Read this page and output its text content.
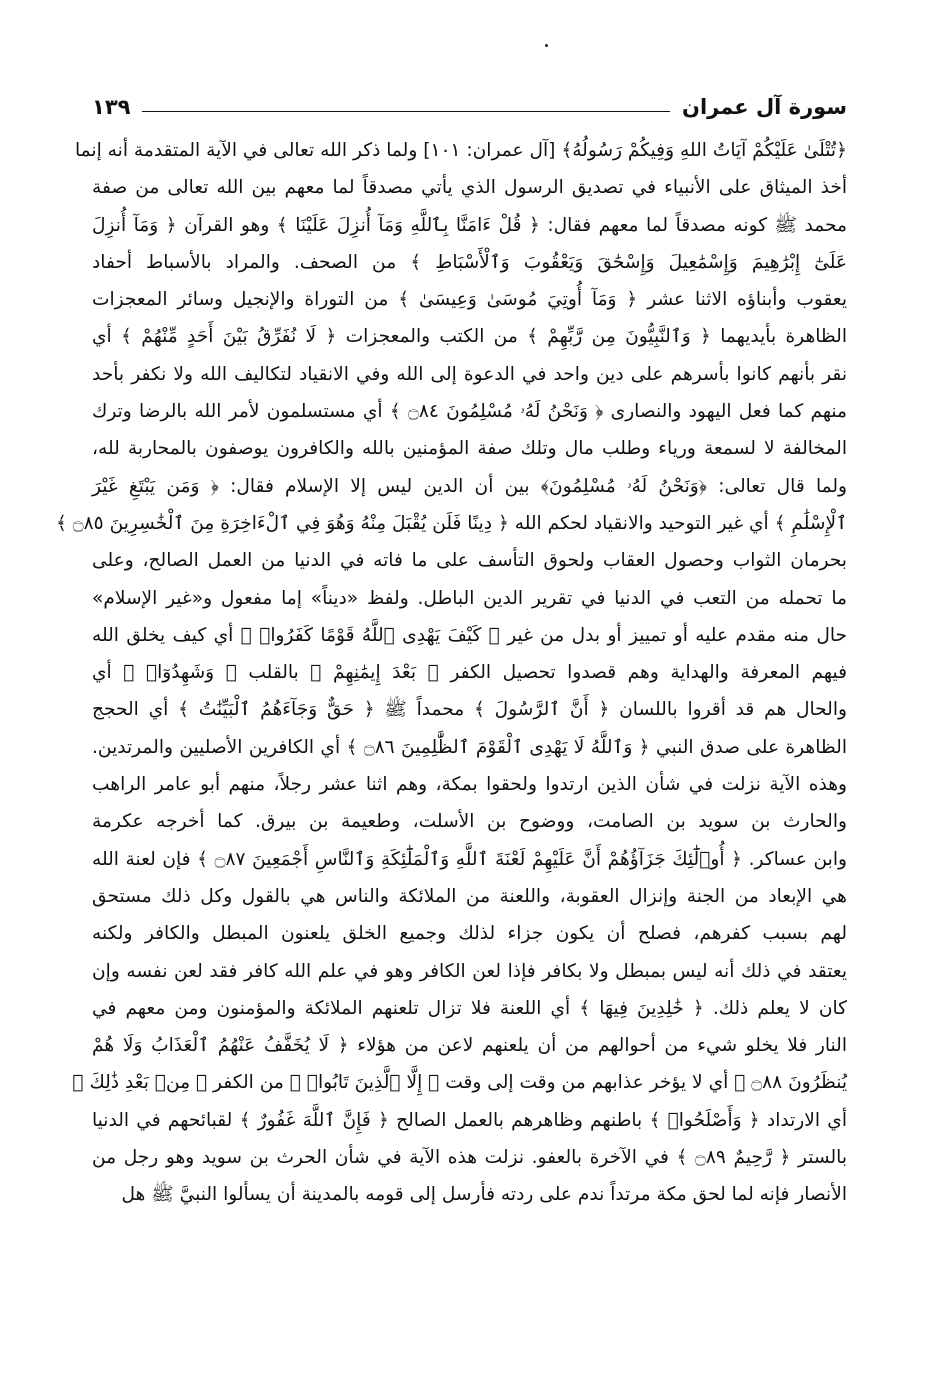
١٣٩	سورة آل عمران
﴿تُتْلَىٰ عَلَيْكُمْ آيَاتُ اللهِ وَفِيكُمْ رَسُولُهُ﴾ [آل عمران: ١٠١] ولما ذكر الله تعالى في الآية المتقدمة أنه إنما
أخذ الميثاق على الأنبياء في تصديق الرسول الذي يأتي مصدقاً لما معهم بين الله تعالى من صفة
محمد ﷺ كونه مصدقاً لما معهم فقال: ﴿ قُلْ ءَامَنَّا بِٱللَّهِ وَمَآ أُنزِلَ عَلَيْنَا ﴾ وهو القرآن ﴿ وَمَآ أُنزِلَ
عَلَىٰٓ إِبْرَٰهِيمَ وَإِسْمَٰعِيلَ وَإِسْحَٰقَ وَيَعْقُوبَ وَٱلْأَسْبَاطِ ﴾ من الصحف. والمراد بالأسباط أحفاد
يعقوب وأبناؤه الاثنا عشر ﴿ وَمَآ أُوتِيَ مُوسَىٰ وَعِيسَىٰ ﴾ من التوراة والإنجيل وسائر المعجزات
الظاهرة بأيديهما ﴿ وَٱلنَّبِيُّونَ مِن رَّبِّهِمْ ﴾ من الكتب والمعجزات ﴿ لَا نُفَرِّقُ بَيْنَ أَحَدٍ مِّنْهُمْ ﴾ أي
نقر بأنهم كانوا بأسرهم على دين واحد في الدعوة إلى الله وفي الانقياد لتكاليف الله ولا نكفر بأحد
منهم كما فعل اليهود والنصارى ﴿ وَنَحْنُ لَهُۥ مُسْلِمُونَ ۝٨٤ ﴾ أي مستسلمون لأمر الله بالرضا وترك
المخالفة لا لسمعة ورياء وطلب مال وتلك صفة المؤمنين بالله والكافرون يوصفون بالمحاربة لله،
ولما قال تعالى: ﴿وَنَحْنُ لَهُۥ مُسْلِمُونَ﴾ بين أن الدين ليس إلا الإسلام فقال: ﴿ وَمَن يَبْتَغِ غَيْرَ
ٱلْإِسْلَٰمِ ﴾ أي غير التوحيد والانقياد لحكم الله ﴿ دِينًا فَلَن يُقْبَلَ مِنْهُ وَهُوَ فِي ٱلْءَاخِرَةِ مِنَ ٱلْخَٰسِرِينَ ۝٨٥ ﴾
بحرمان الثواب وحصول العقاب ولحوق التأسف على ما فاته في الدنيا من العمل الصالح، وعلى
ما تحمله من التعب في الدنيا في تقرير الدين الباطل. ولفظ «ديناً» إما مفعول و«غير الإسلام»
حال منه مقدم عليه أو تمييز أو بدل من غير ﴿ كَيْفَ يَهْدِى ٱللَّهُ قَوْمًا كَفَرُوا۟ ﴾ أي كيف يخلق الله
فيهم المعرفة والهداية وهم قصدوا تحصيل الكفر ﴿ بَعْدَ إِيمَٰنِهِمْ ﴾ بالقلب ﴿ وَشَهِدُوٓا۟ ﴾ أي
والحال هم قد أقروا باللسان ﴿ أَنَّ ٱلرَّسُولَ ﴾ محمداً ﷺ ﴿ حَقٌّ وَجَآءَهُمُ ٱلْبَيِّنَٰتُ ﴾ أي الحجج
الظاهرة على صدق النبي ﴿ وَٱللَّهُ لَا يَهْدِى ٱلْقَوْمَ ٱلظَّٰلِمِينَ ۝٨٦ ﴾ أي الكافرين الأصليين والمرتدين.
وهذه الآية نزلت في شأن الذين ارتدوا ولحقوا بمكة، وهم اثنا عشر رجلاً، منهم أبو عامر الراهب
والحارث بن سويد بن الصامت، ووضوح بن الأسلت، وطعيمة بن بيرق. كما أخرجه عكرمة
وابن عساكر. ﴿ أُو۟لَٰٓئِكَ جَزَآؤُهُمْ أَنَّ عَلَيْهِمْ لَعْنَةَ ٱللَّهِ وَٱلْمَلَٰٓئِكَةِ وَٱلنَّاسِ أَجْمَعِينَ ۝٨٧ ﴾ فإن لعنة الله
هي الإبعاد من الجنة وإنزال العقوبة، واللعنة من الملائكة والناس هي بالقول وكل ذلك مستحق
لهم بسبب كفرهم، فصلح أن يكون جزاء لذلك وجميع الخلق يلعنون المبطل والكافر ولكنه
يعتقد في ذلك أنه ليس بمبطل ولا بكافر فإذا لعن الكافر وهو في علم الله كافر فقد لعن نفسه وإن
كان لا يعلم ذلك. ﴿ خَٰلِدِينَ فِيهَا ﴾ أي اللعنة فلا تزال تلعنهم الملائكة والمؤمنون ومن معهم في
النار فلا يخلو شيء من أحوالهم من أن يلعنهم لاعن من هؤلاء ﴿ لَا يُخَفَّفُ عَنْهُمُ ٱلْعَذَابُ وَلَا هُمْ
يُنظَرُونَ ۝٨٨ ﴾ أي لا يؤخر عذابهم من وقت إلى وقت ﴿ إِلَّا ٱلَّذِينَ تَابُوا۟ ﴾ من الكفر ﴿ مِنۢ بَعْدِ ذَٰلِكَ ﴾
أي الارتداد ﴿ وَأَصْلَحُوا۟ ﴾ باطنهم وظاهرهم بالعمل الصالح ﴿ فَإِنَّ ٱللَّهَ غَفُورٌ ﴾ لقبائحهم في الدنيا
بالستر ﴿ رَّحِيمٌ ۝٨٩ ﴾ في الآخرة بالعفو. نزلت هذه الآية في شأن الحرث بن سويد وهو رجل من
الأنصار فإنه لما لحق مكة مرتداً ندم على ردته فأرسل إلى قومه بالمدينة أن يسألوا النبيَّ ﷺ هل
